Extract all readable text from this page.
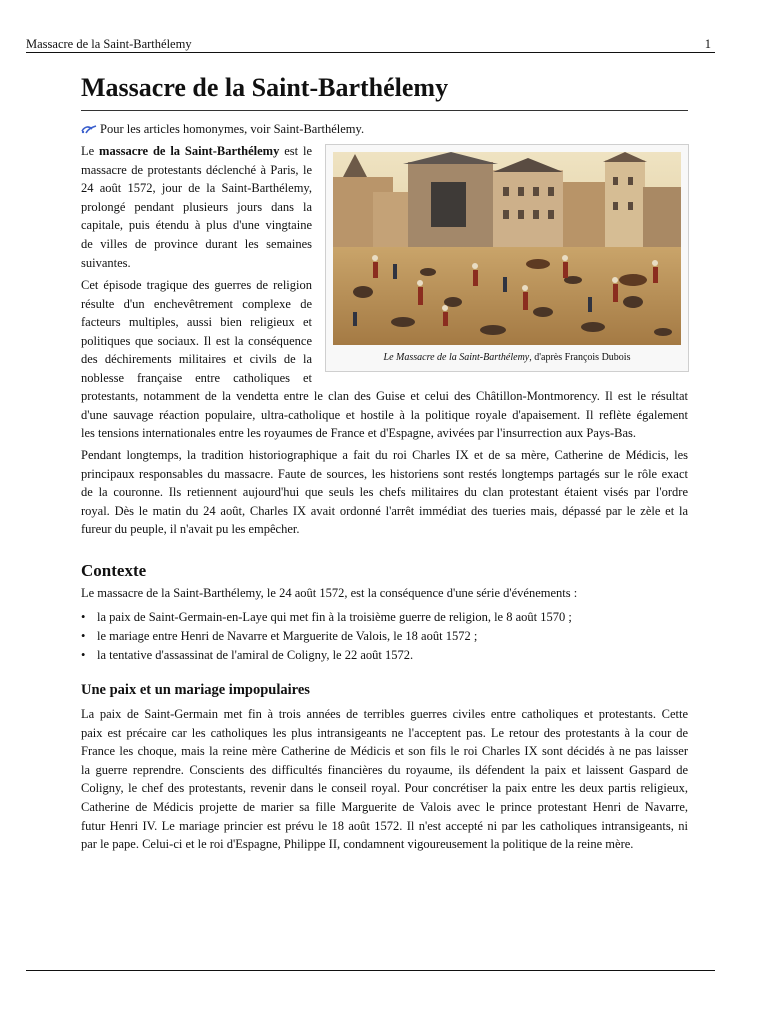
Massacre de la Saint-Barthélemy	1
Massacre de la Saint-Barthélemy
Pour les articles homonymes, voir Saint-Barthélemy.
Le Massacre de la Saint-Barthélemy, d'après François Dubois
Le massacre de la Saint-Barthélemy est le
massacre de protestants déclenché à Paris, le
24 août 1572, jour de la Saint-Barthélemy,
prolongé pendant plusieurs jours dans la
capitale, puis étendu à plus d'une vingtaine
de villes de province durant les semaines
suivantes.
Cet épisode tragique des guerres de religion
résulte d'un enchevêtrement complexe de
facteurs multiples, aussi bien religieux et
politiques que sociaux. Il est la conséquence
des déchirements militaires et civils de la
noblesse française entre catholiques et
protestants, notamment de la vendetta entre le clan des Guise et celui des Châtillon-Montmorency. Il est le résultat
d'une sauvage réaction populaire, ultra-catholique et hostile à la politique royale d'apaisement. Il reflète également
les tensions internationales entre les royaumes de France et d'Espagne, avivées par l'insurrection aux Pays-Bas.
Pendant longtemps, la tradition historiographique a fait du roi Charles IX et de sa mère, Catherine de Médicis, les
principaux responsables du massacre. Faute de sources, les historiens sont restés longtemps partagés sur le rôle exact
de la couronne. Ils retiennent aujourd'hui que seuls les chefs militaires du clan protestant étaient visés par l'ordre
royal. Dès le matin du 24 août, Charles IX avait ordonné l'arrêt immédiat des tueries mais, dépassé par le zèle et la
fureur du peuple, il n'avait pu les empêcher.
Contexte
Le massacre de la Saint-Barthélemy, le 24 août 1572, est la conséquence d'une série d'événements :
• la paix de Saint-Germain-en-Laye qui met fin à la troisième guerre de religion, le 8 août 1570 ;
• le mariage entre Henri de Navarre et Marguerite de Valois, le 18 août 1572 ;
• la tentative d'assassinat de l'amiral de Coligny, le 22 août 1572.
Une paix et un mariage impopulaires
La paix de Saint-Germain met fin à trois années de terribles guerres civiles entre catholiques et protestants. Cette
paix est précaire car les catholiques les plus intransigeants ne l'acceptent pas. Le retour des protestants à la cour de
France les choque, mais la reine mère Catherine de Médicis et son fils le roi Charles IX sont décidés à ne pas laisser
la guerre reprendre. Conscients des difficultés financières du royaume, ils défendent la paix et laissent Gaspard de
Coligny, le chef des protestants, revenir dans le conseil royal. Pour concrétiser la paix entre les deux partis religieux,
Catherine de Médicis projette de marier sa fille Marguerite de Valois avec le prince protestant Henri de Navarre,
futur Henri IV. Le mariage princier est prévu le 18 août 1572. Il n'est accepté ni par les catholiques intransigeants, ni
par le pape. Celui-ci et le roi d'Espagne, Philippe II, condamnent vigoureusement la politique de la reine mère.
